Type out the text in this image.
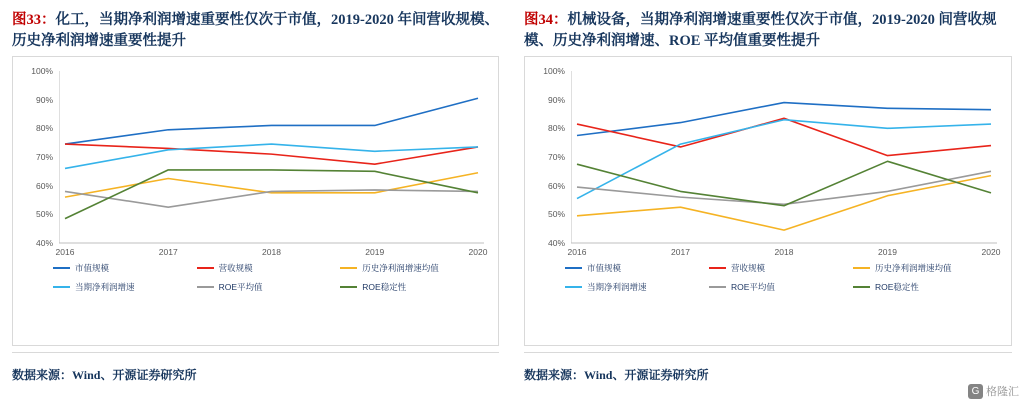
图33：化工，当期净利润增速重要性仅次于市值，2019-2020 年间营收规模、历史净利润增速重要性提升
40%
50%
60%
70%
80%
90%
100%
2016	2017	2018	2019	2020
市值规模	营收规模	历史净利润增速均值
当期净利润增速	ROE平均值	ROE稳定性
数据来源：Wind、开源证券研究所
图34：机械设备，当期净利润增速重要性仅次于市值，2019-2020 间营收规模、历史净利润增速、ROE 平均值重要性提升
40%
50%
60%
70%
80%
90%
100%
2016	2017	2018	2019	2020
市值规模	营收规模	历史净利润增速均值
当期净利润增速	ROE平均值	ROE稳定性
数据来源：Wind、开源证券研究所
G 格隆汇
